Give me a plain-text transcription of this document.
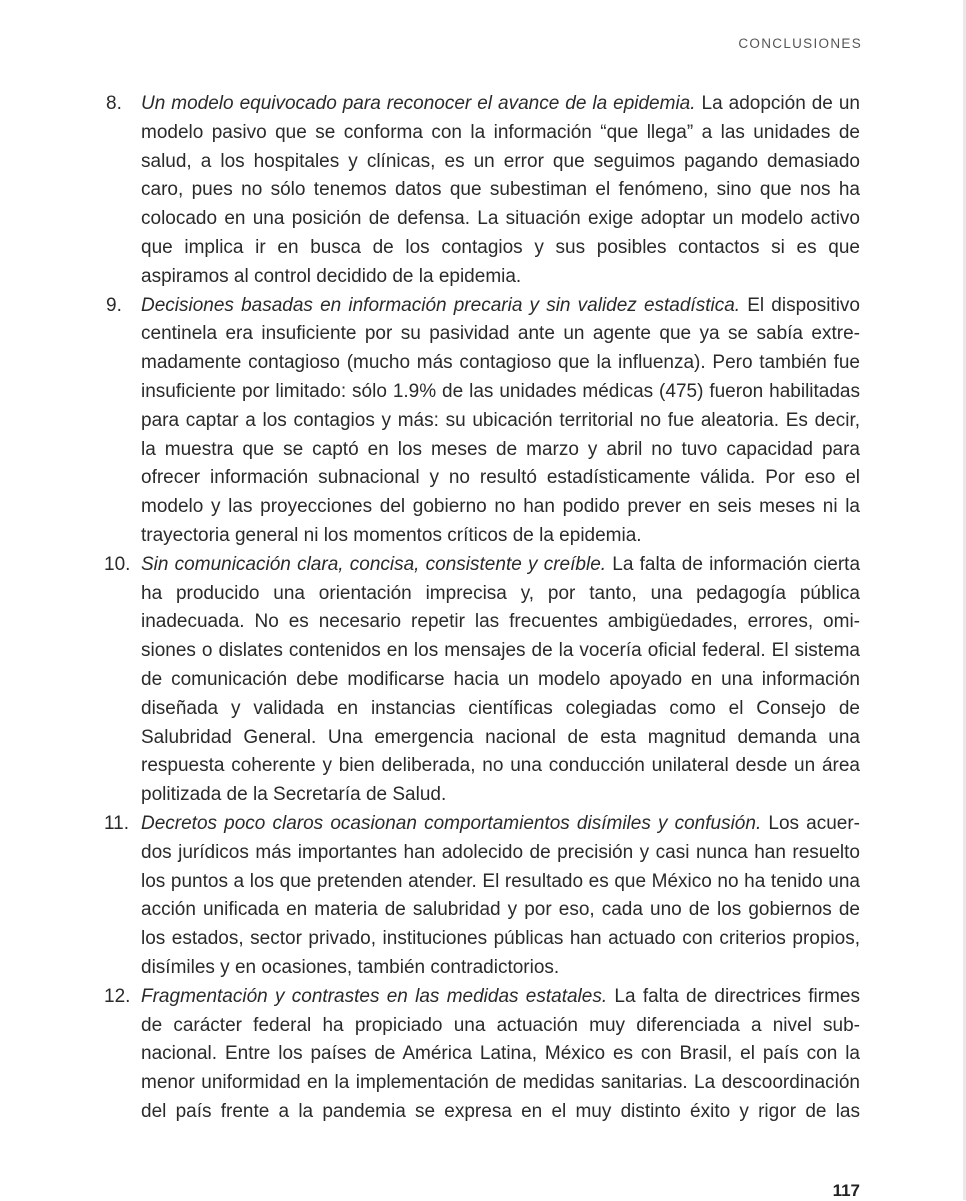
CONCLUSIONES
8.	Un modelo equivocado para reconocer el avance de la epidemia. La adopción de un modelo pasivo que se conforma con la información “que llega” a las unidades de salud, a los hospitales y clínicas, es un error que seguimos pagando demasiado caro, pues no sólo tenemos datos que subestiman el fenómeno, sino que nos ha colocado en una posición de defensa. La situación exige adoptar un modelo activo que implica ir en busca de los contagios y sus posibles contactos si es que aspiramos al control decidido de la epidemia.

9.	Decisiones basadas en información precaria y sin validez estadística. El dispositivo centinela era insuficiente por su pasividad ante un agente que ya se sabía extremadamente contagioso (mucho más contagioso que la influenza). Pero también fue insuficiente por limitado: sólo 1.9% de las unidades médicas (475) fueron habilitadas para captar a los contagios y más: su ubicación territorial no fue aleatoria. Es decir, la muestra que se captó en los meses de marzo y abril no tuvo capacidad para ofrecer información subnacional y no resultó estadísticamente válida. Por eso el modelo y las proyecciones del gobierno no han podido prever en seis meses ni la trayectoria general ni los momentos críticos de la epidemia.

10. Sin comunicación clara, concisa, consistente y creíble. La falta de información cierta ha producido una orientación imprecisa y, por tanto, una pedagogía pública inadecuada. No es necesario repetir las frecuentes ambigüedades, errores, omisiones o dislates contenidos en los mensajes de la vocería oficial federal. El sistema de comunicación debe modificarse hacia un modelo apoyado en una información diseñada y validada en instancias científicas colegiadas como el Consejo de Salubridad General. Una emergencia nacional de esta magnitud demanda una respuesta coherente y bien deliberada, no una conducción unilateral desde un área politizada de la Secretaría de Salud.

11. Decretos poco claros ocasionan comportamientos disímiles y confusión. Los acuerdos jurídicos más importantes han adolecido de precisión y casi nunca han resuelto los puntos a los que pretenden atender. El resultado es que México no ha tenido una acción unificada en materia de salubridad y por eso, cada uno de los gobiernos de los estados, sector privado, instituciones públicas han actuado con criterios propios, disímiles y en ocasiones, también contradictorios.

12. Fragmentación y contrastes en las medidas estatales. La falta de directrices firmes de carácter federal ha propiciado una actuación muy diferenciada a nivel subnacional. Entre los países de América Latina, México es con Brasil, el país con la menor uniformidad en la implementación de medidas sanitarias. La descoordinación del país frente a la pandemia se expresa en el muy distinto éxito y rigor de las

117
